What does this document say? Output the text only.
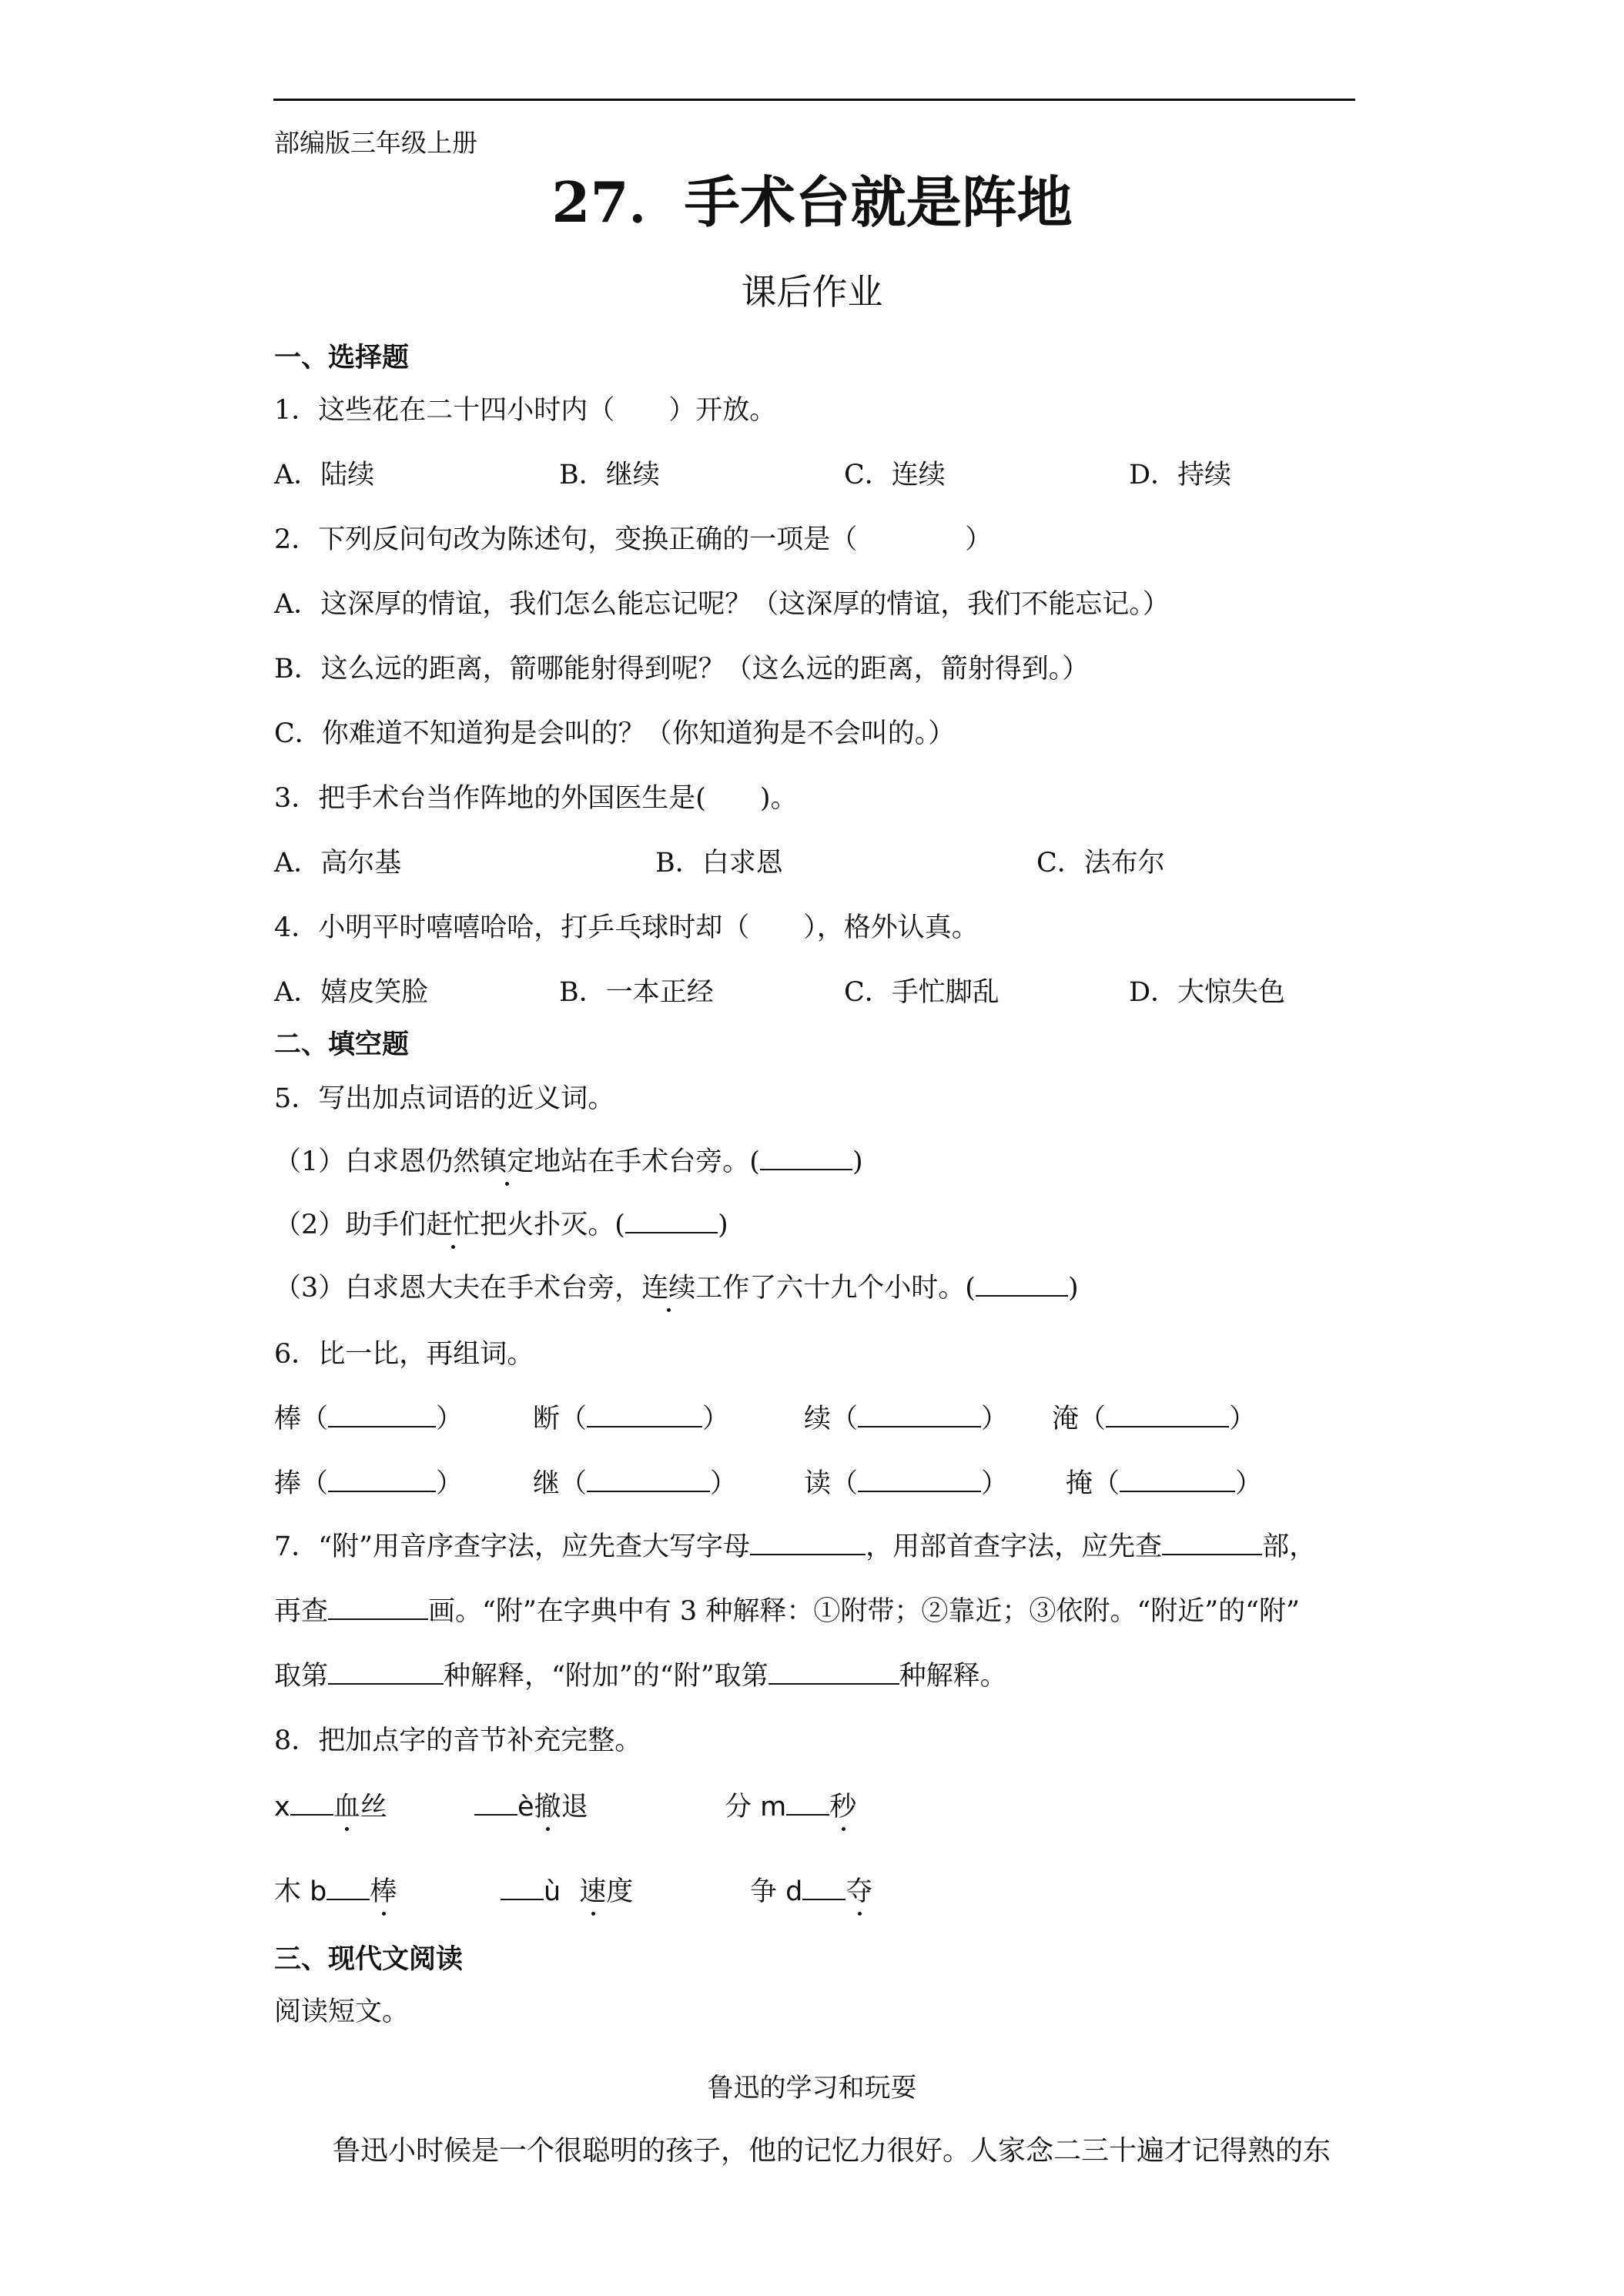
部编版三年级上册
27．手术台就是阵地
课后作业
一、选择题
1．这些花在二十四小时内（　　）开放。
A．陆续	B．继续	C．连续	D．持续
2．下列反问句改为陈述句，变换正确的一项是（　　　　）
A．这深厚的情谊，我们怎么能忘记呢？（这深厚的情谊，我们不能忘记。）
B．这么远的距离，箭哪能射得到呢？（这么远的距离，箭射得到。）
C．你难道不知道狗是会叫的？（你知道狗是不会叫的。）
3．把手术台当作阵地的外国医生是(　　)。
A．高尔基	B．白求恩	C．法布尔
4．小明平时嘻嘻哈哈，打乒乓球时却（　　），格外认真。
A．嬉皮笑脸	B．一本正经	C．手忙脚乱	D．大惊失色
二、填空题
5．写出加点词语的近义词。
（1）白求恩仍然镇定地站在手术台旁。(	)
（2）助手们赶忙把火扑灭。(	)
（3）白求恩大夫在手术台旁，连续工作了六十九个小时。(	)
6．比一比，再组词。
棒（	）	断（	）	续（	） 淹（	）
捧（	）	继（	） 读（	） 掩（	）
7．“附”用音序查字法，应先查大写字母	，用部首查字法，应先查	部，
再查	画。“附”在字典中有 3 种解释：①附带；②靠近；③依附。“附近”的“附”
取第	种解释，“附加”的“附”取第	种解释。
8．把加点字的音节补充完整。
x 血丝	è撤退	分 m 秒
木 b 棒	ù 速度	争 d 夺
三、现代文阅读
阅读短文。
鲁迅的学习和玩耍
鲁迅小时候是一个很聪明的孩子，他的记忆力很好。人家念二三十遍才记得熟的东
